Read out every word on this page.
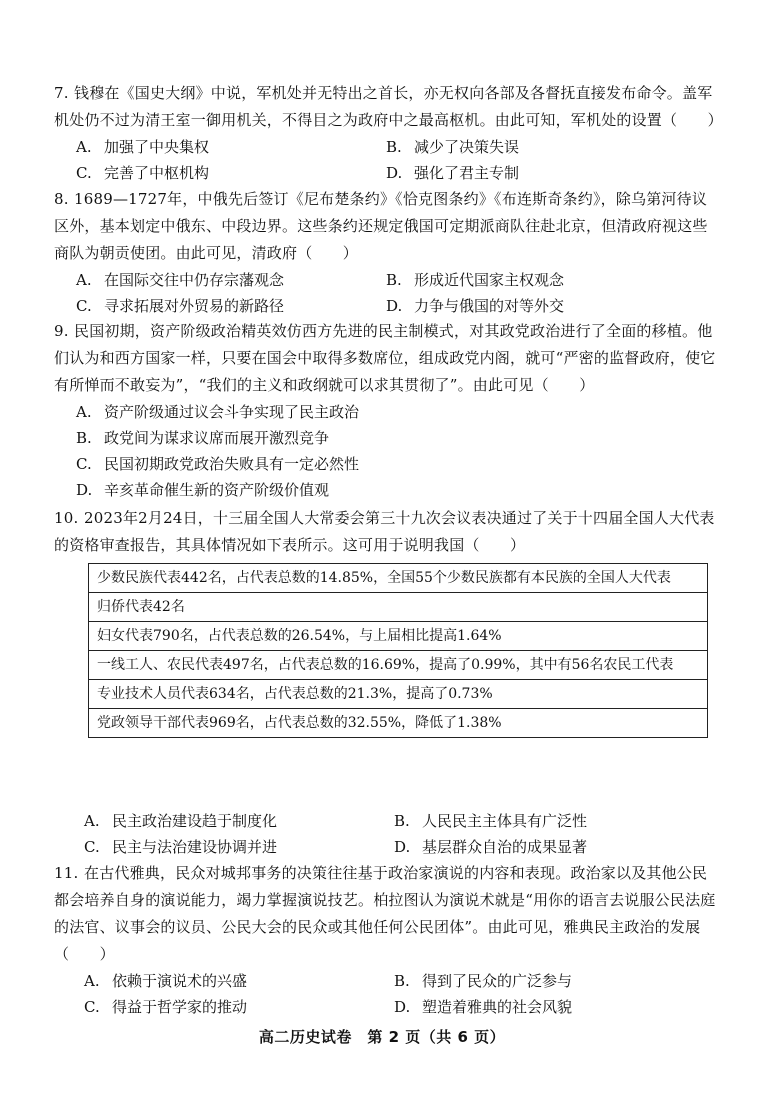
7. 钱穆在《国史大纲》中说，军机处并无特出之首长，亦无权向各部及各督抚直接发布命令。盖军机处仍不过为清王室一御用机关，不得目之为政府中之最高枢机。由此可知，军机处的设置（　　）
A. 加强了中央集权	B. 减少了决策失误
C. 完善了中枢机构	D. 强化了君主专制
8. 1689—1727年，中俄先后签订《尼布楚条约》《恰克图条约》《布连斯奇条约》，除乌第河待议区外，基本划定中俄东、中段边界。这些条约还规定俄国可定期派商队往赴北京，但清政府视这些商队为朝贡使团。由此可见，清政府（　　）
A. 在国际交往中仍存宗藩观念	B. 形成近代国家主权观念
C. 寻求拓展对外贸易的新路径	D. 力争与俄国的对等外交
9. 民国初期，资产阶级政治精英效仿西方先进的民主制模式，对其政党政治进行了全面的移植。他们认为和西方国家一样，只要在国会中取得多数席位，组成政党内阁，就可“严密的监督政府，使它有所惮而不敢妄为”，“我们的主义和政纲就可以求其贯彻了”。由此可见（　　）
A. 资产阶级通过议会斗争实现了民主政治
B. 政党间为谋求议席而展开激烈竞争
C. 民国初期政党政治失败具有一定必然性
D. 辛亥革命催生新的资产阶级价值观
10. 2023年2月24日，十三届全国人大常委会第三十九次会议表决通过了关于十四届全国人大代表的资格审查报告，其具体情况如下表所示。这可用于说明我国（　　）
少数民族代表442名，占代表总数的14.85%，全国55个少数民族都有本民族的全国人大代表
归侨代表42名
妇女代表790名，占代表总数的26.54%，与上届相比提高1.64%
一线工人、农民代表497名，占代表总数的16.69%，提高了0.99%，其中有56名农民工代表
专业技术人员代表634名，占代表总数的21.3%，提高了0.73%
党政领导干部代表969名，占代表总数的32.55%，降低了1.38%
A. 民主政治建设趋于制度化	B. 人民民主主体具有广泛性
C. 民主与法治建设协调并进	D. 基层群众自治的成果显著
11. 在古代雅典，民众对城邦事务的决策往往基于政治家演说的内容和表现。政治家以及其他公民都会培养自身的演说能力，竭力掌握演说技艺。柏拉图认为演说术就是“用你的语言去说服公民法庭的法官、议事会的议员、公民大会的民众或其他任何公民团体”。由此可见，雅典民主政治的发展（　　）
A. 依赖于演说术的兴盛	B. 得到了民众的广泛参与
C. 得益于哲学家的推动	D. 塑造着雅典的社会风貌
高二历史试卷　第 2 页（共 6 页）
